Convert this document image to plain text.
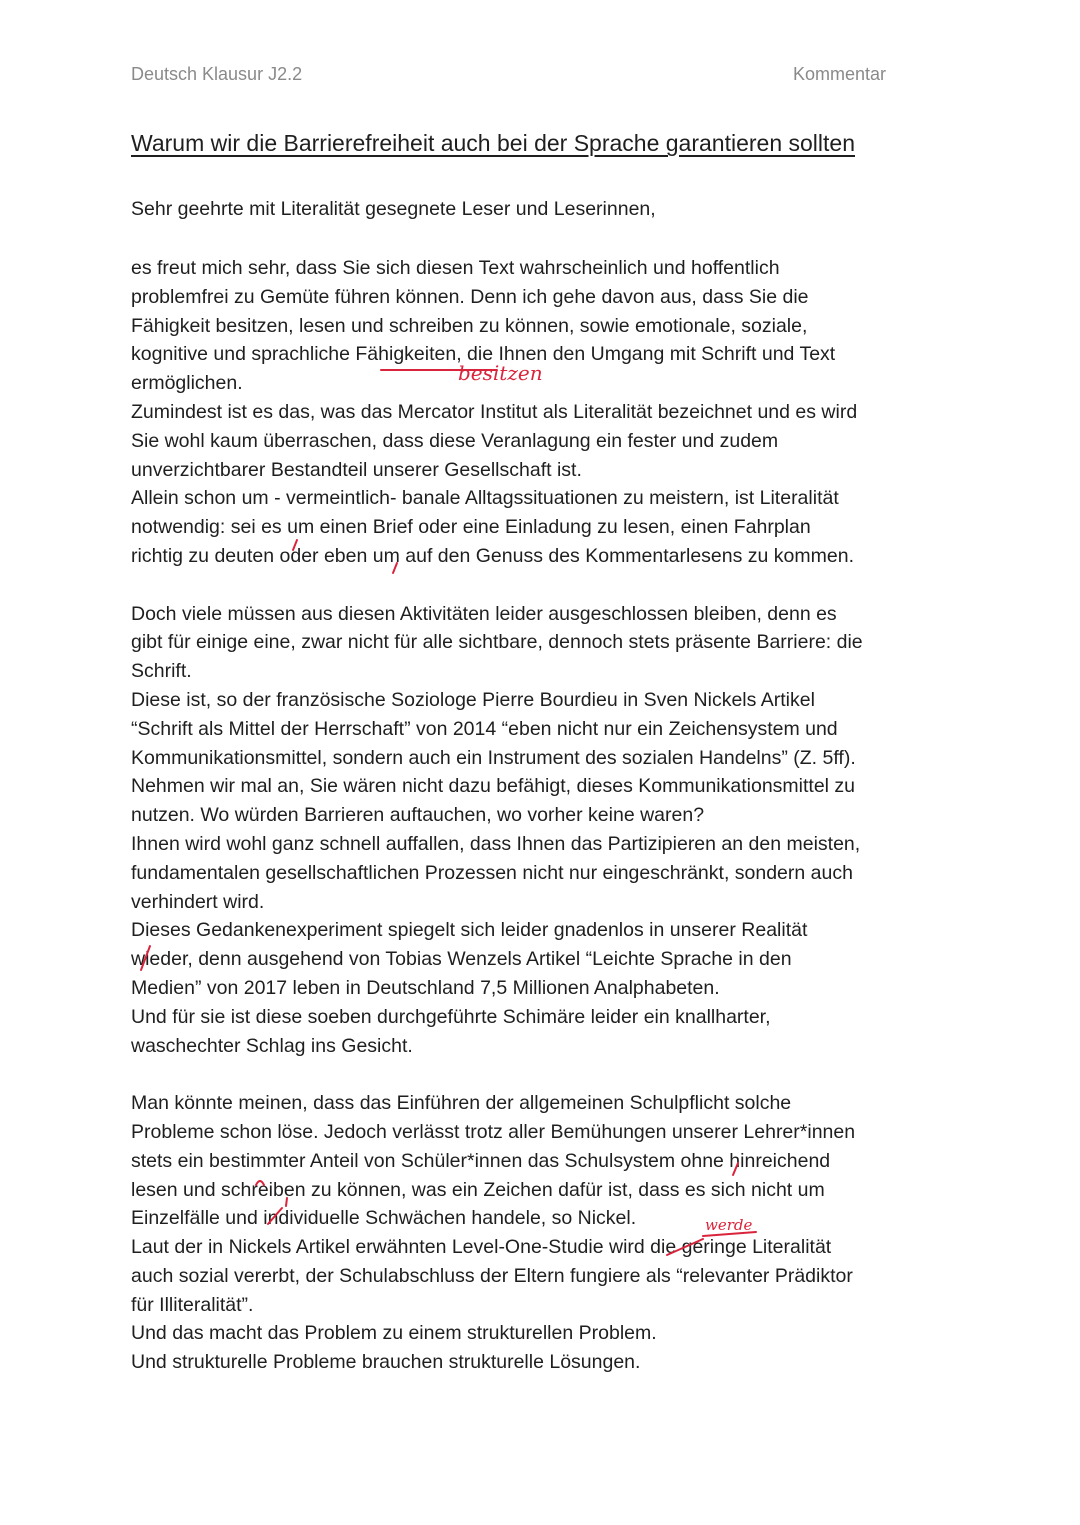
Deutsch Klausur J2.2	Kommentar
Warum wir die Barrierefreiheit auch bei der Sprache garantieren sollten
Sehr geehrte mit Literalität gesegnete Leser und Leserinnen,
es freut mich sehr, dass Sie sich diesen Text wahrscheinlich und hoffentlich
problemfrei zu Gemüte führen können. Denn ich gehe davon aus, dass Sie die
Fähigkeit besitzen, lesen und schreiben zu können, sowie emotionale, soziale,
kognitive und sprachliche Fähigkeiten, die Ihnen den Umgang mit Schrift und Text
ermöglichen.
Zumindest ist es das, was das Mercator Institut als Literalität bezeichnet und es wird
Sie wohl kaum überraschen, dass diese Veranlagung ein fester und zudem
unverzichtbarer Bestandteil unserer Gesellschaft ist.
Allein schon um - vermeintlich- banale Alltagssituationen zu meistern, ist Literalität
notwendig: sei es um einen Brief oder eine Einladung zu lesen, einen Fahrplan
richtig zu deuten oder eben um auf den Genuss des Kommentarlesens zu kommen.
Doch viele müssen aus diesen Aktivitäten leider ausgeschlossen bleiben, denn es
gibt für einige eine, zwar nicht für alle sichtbare, dennoch stets präsente Barriere: die
Schrift.
Diese ist, so der französische Soziologe Pierre Bourdieu in Sven Nickels Artikel
“Schrift als Mittel der Herrschaft” von 2014 “eben nicht nur ein Zeichensystem und
Kommunikationsmittel, sondern auch ein Instrument des sozialen Handelns” (Z. 5ff).
Nehmen wir mal an, Sie wären nicht dazu befähigt, dieses Kommunikationsmittel zu
nutzen. Wo würden Barrieren auftauchen, wo vorher keine waren?
Ihnen wird wohl ganz schnell auffallen, dass Ihnen das Partizipieren an den meisten,
fundamentalen gesellschaftlichen Prozessen nicht nur eingeschränkt, sondern auch
verhindert wird.
Dieses Gedankenexperiment spiegelt sich leider gnadenlos in unserer Realität
wieder, denn ausgehend von Tobias Wenzels Artikel “Leichte Sprache in den
Medien” von 2017 leben in Deutschland 7,5 Millionen Analphabeten.
Und für sie ist diese soeben durchgeführte Schimäre leider ein knallharter,
waschechter Schlag ins Gesicht.
Man könnte meinen, dass das Einführen der allgemeinen Schulpflicht solche
Probleme schon löse. Jedoch verlässt trotz aller Bemühungen unserer Lehrer*innen
stets ein bestimmter Anteil von Schüler*innen das Schulsystem ohne hinreichend
lesen und schreiben zu können, was ein Zeichen dafür ist, dass es sich nicht um
Einzelfälle und individuelle Schwächen handele, so Nickel.
Laut der in Nickels Artikel erwähnten Level-One-Studie wird die geringe Literalität
auch sozial vererbt, der Schulabschluss der Eltern fungiere als “relevanter Prädiktor
für Illiteralität”.
Und das macht das Problem zu einem strukturellen Problem.
Und strukturelle Probleme brauchen strukturelle Lösungen.
besitzen
werde
